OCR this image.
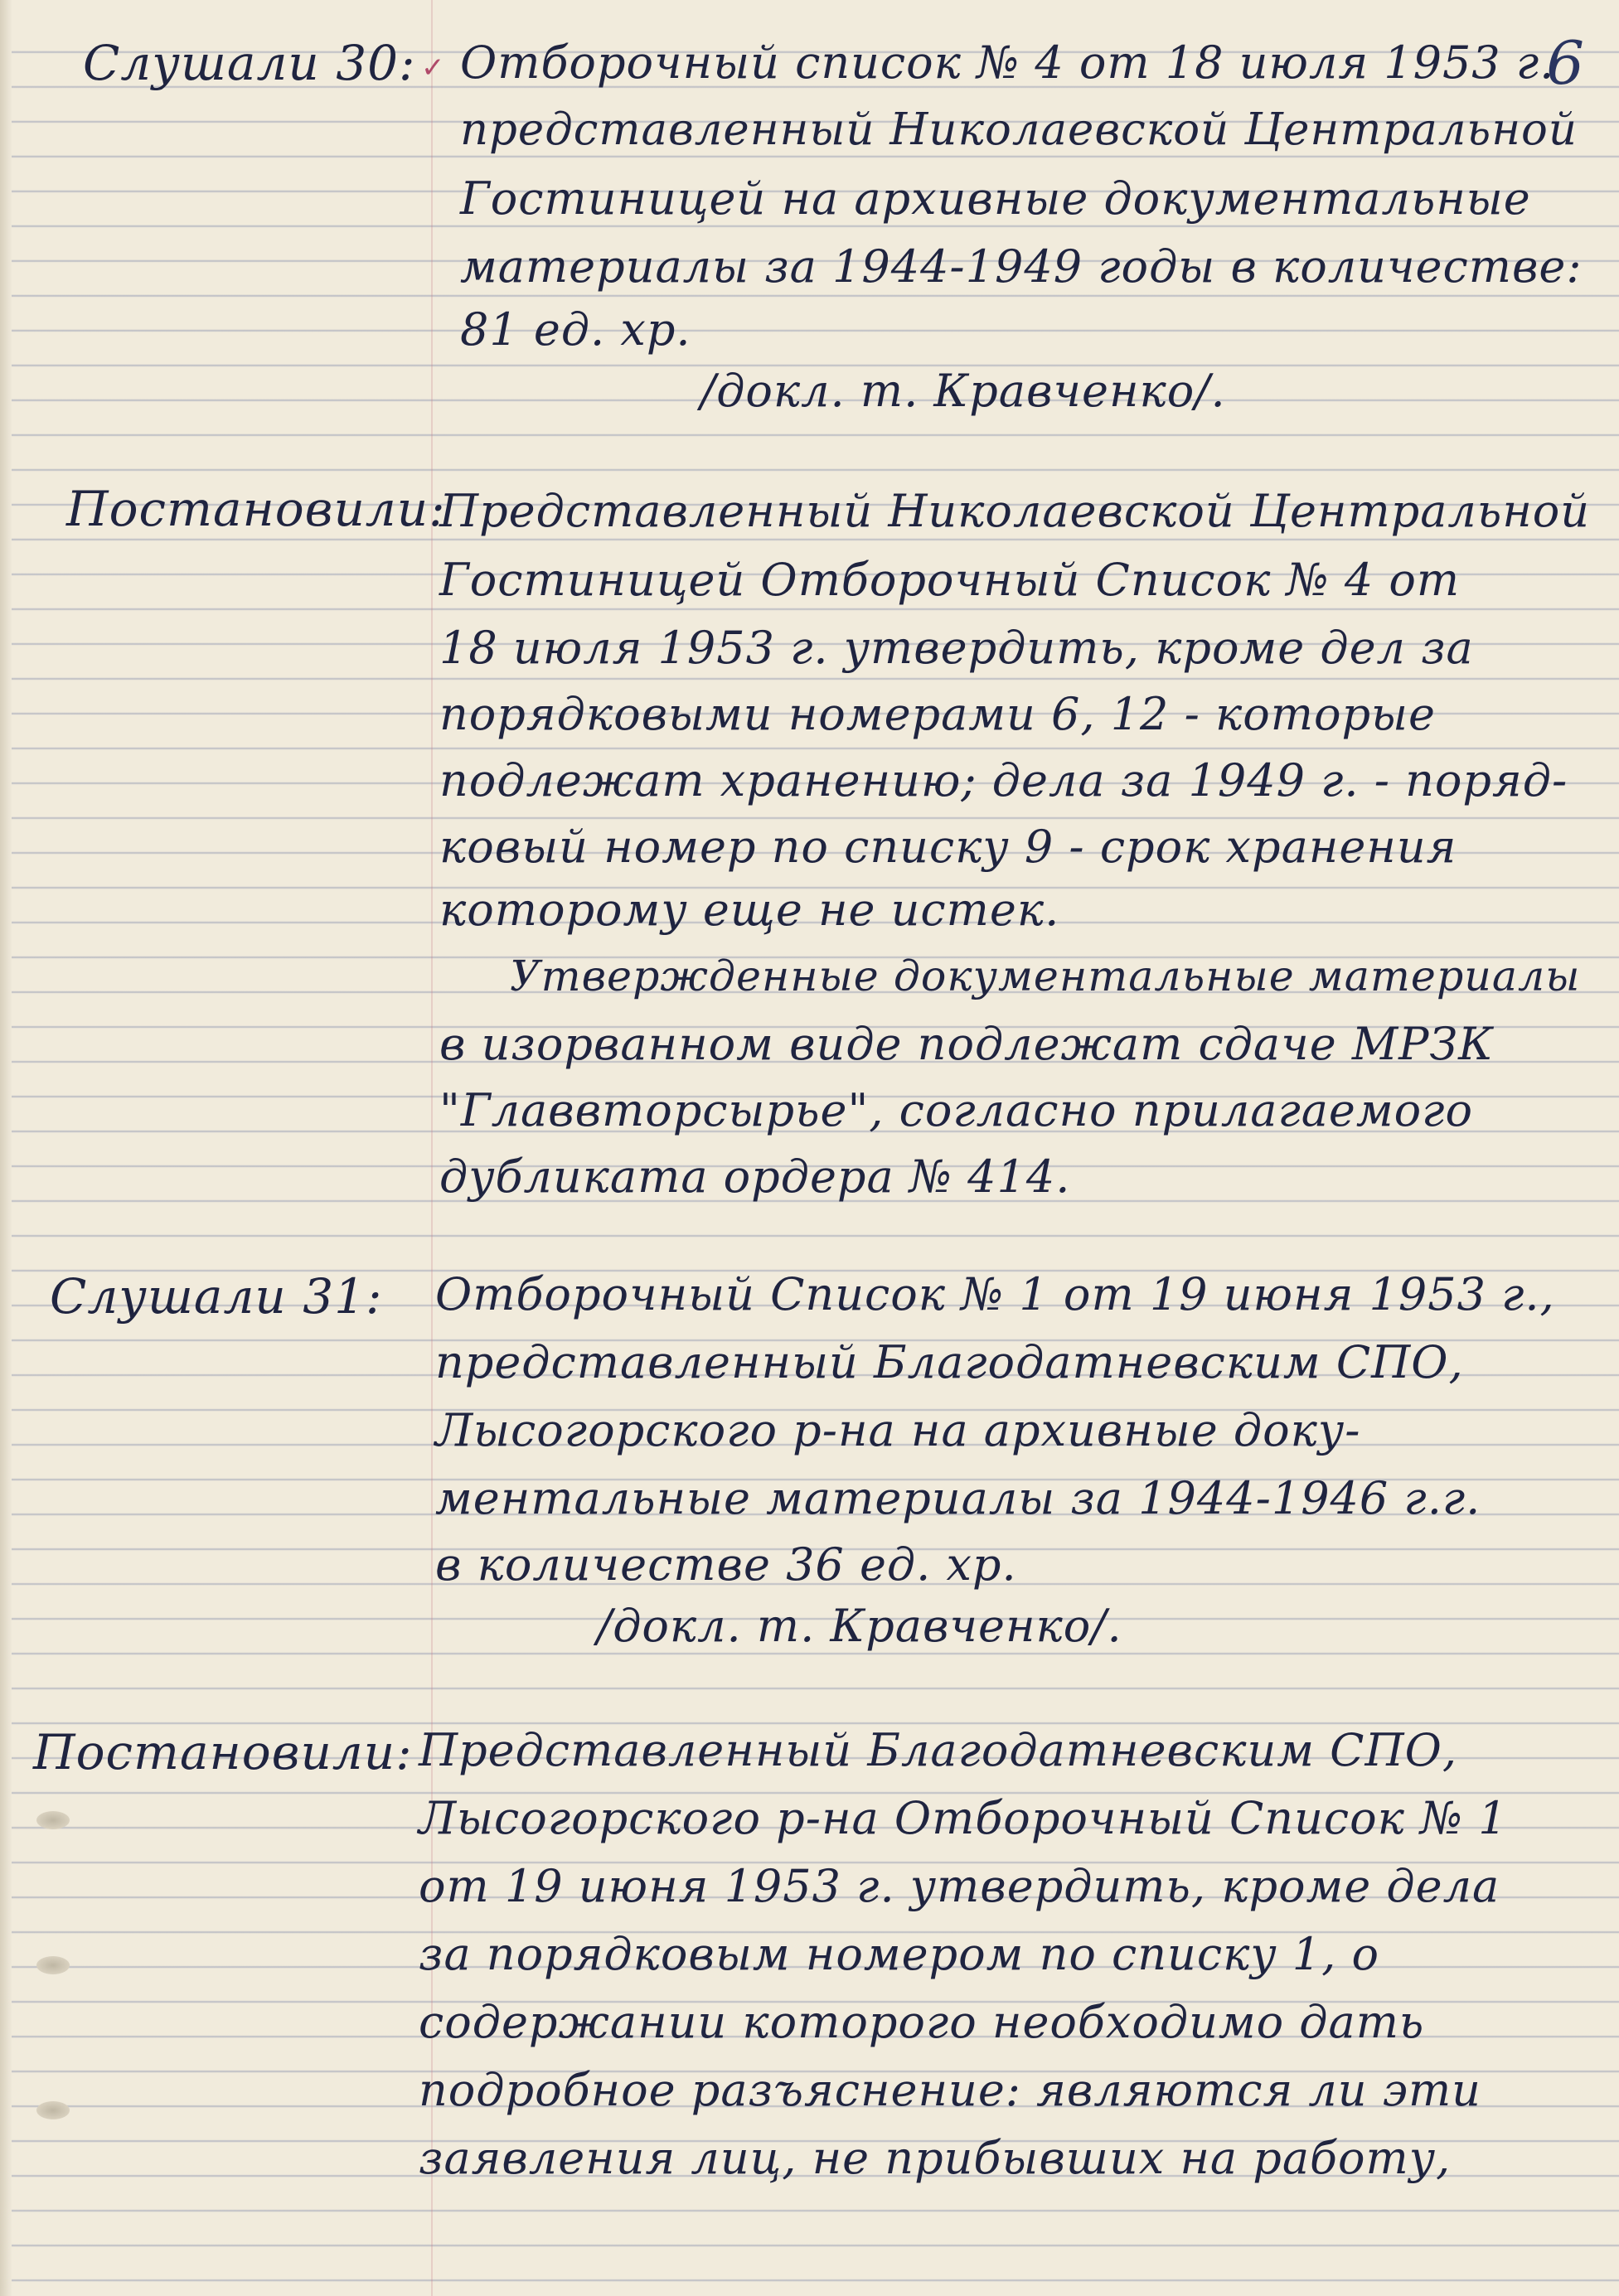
6
✓
Слушали 30: Отборочный список № 4 от 18 июля 1953 г.
представленный Николаевской Центральной
Гостиницей на архивные документальные
материалы за 1944-1949 годы в количестве:
81 ед. хр.
/докл. т. Кравченко/.
Постановили:
Представленный Николаевской Центральной
Гостиницей Отборочный Список № 4 от
18 июля 1953 г. утвердить, кроме дел за
порядковыми номерами 6, 12 - которые
подлежат хранению; дела за 1949 г. - поряд-
ковый номер по списку 9 - срок хранения
которому еще не истек.
Утвержденные документальные материалы
в изорванном виде подлежат сдаче МРЗК
"Главвторсырье", согласно прилагаемого
дубликата ордера № 414.
Слушали 31: Отборочный Список № 1 от 19 июня 1953 г.,
представленный Благодатневским СПО,
Лысогорского р-на на архивные доку-
ментальные материалы за 1944-1946 г.г.
в количестве 36 ед. хр.
/докл. т. Кравченко/.
Постановили: Представленный Благодатневским СПО,
Лысогорского р-на Отборочный Список № 1
от 19 июня 1953 г. утвердить, кроме дела
за порядковым номером по списку 1, о
содержании которого необходимо дать
подробное разъяснение: являются ли эти
заявления лиц, не прибывших на работу,
